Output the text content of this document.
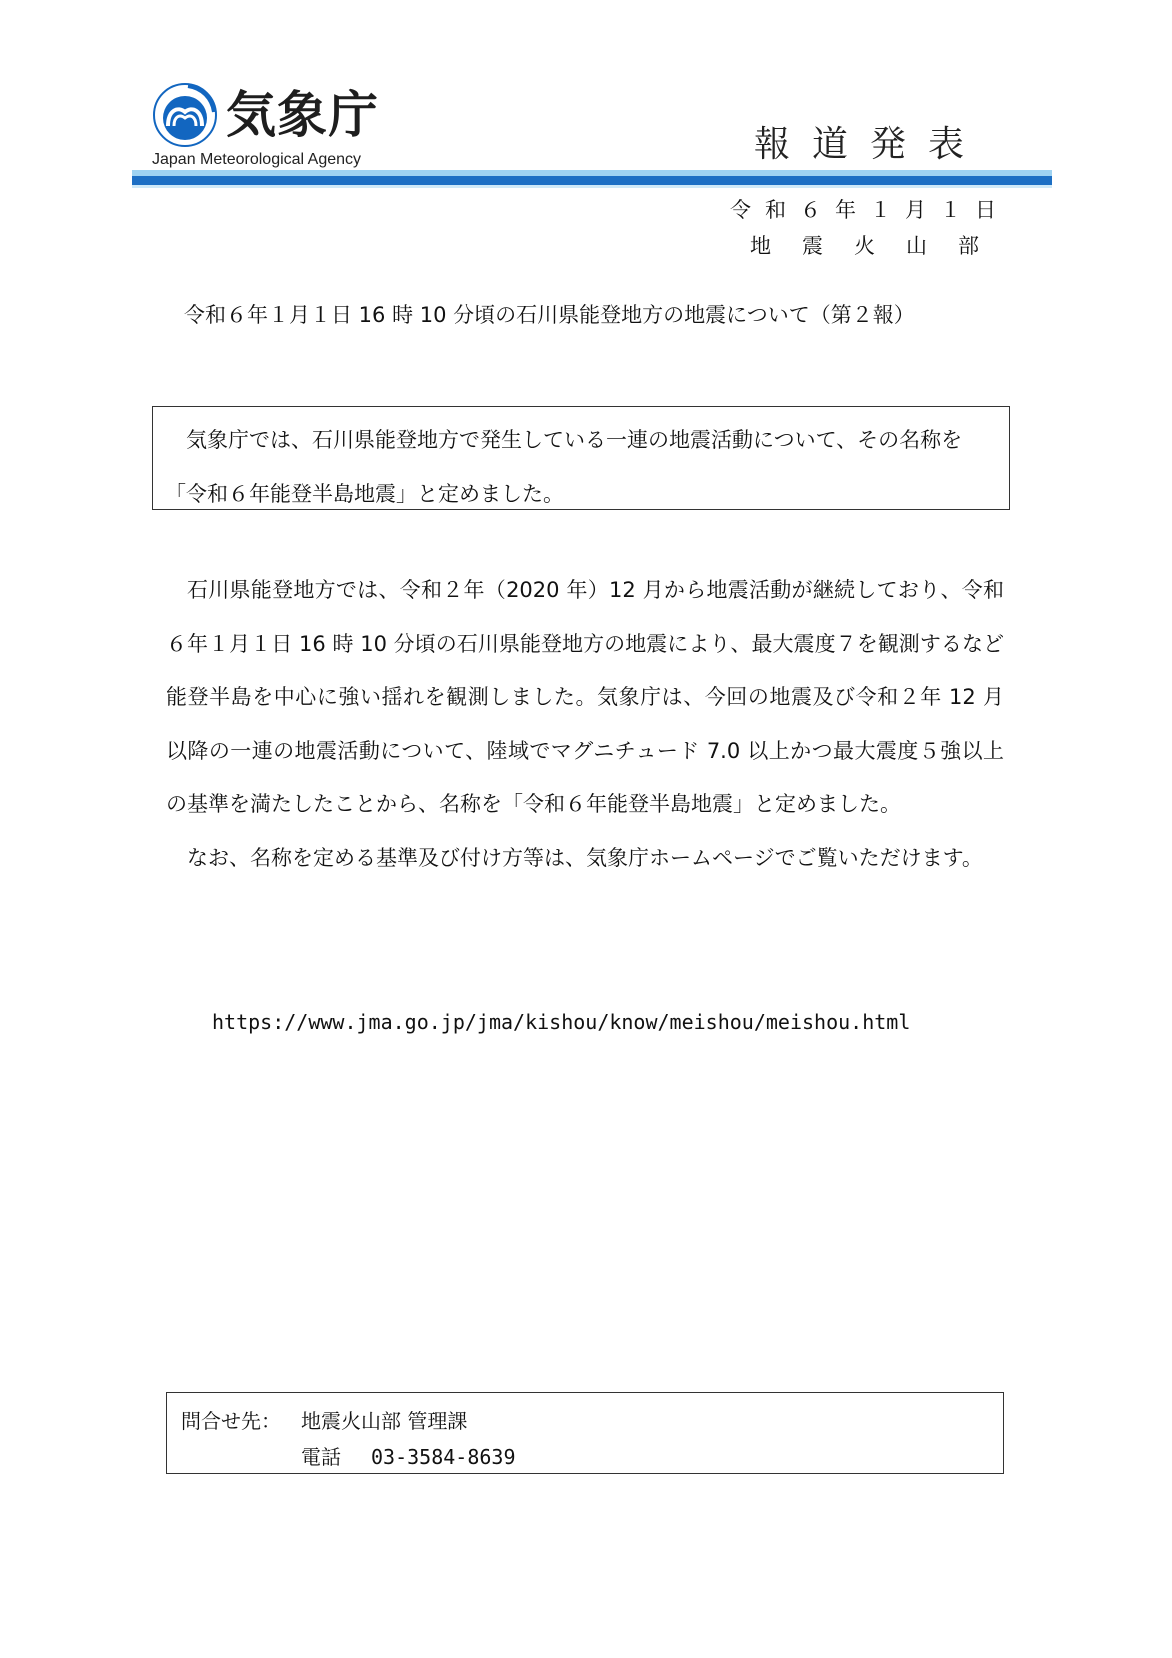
気象庁
Japan Meteorological Agency	報道発表
令和６年１月１日
地震火山部
令和６年１月１日 16 時 10 分頃の石川県能登地方の地震について（第２報）

気象庁では、石川県能登地方で発生している一連の地震活動について、その名称を「令和６年能登半島地震」と定めました。

石川県能登地方では、令和２年（2020 年）12 月から地震活動が継続しており、令和６年１月１日 16 時 10 分頃の石川県能登地方の地震により、最大震度７を観測するなど能登半島を中心に強い揺れを観測しました。気象庁は、今回の地震及び令和２年 12 月以降の一連の地震活動について、陸域でマグニチュード 7.0 以上かつ最大震度５強以上の基準を満たしたことから、名称を「令和６年能登半島地震」と定めました。

なお、名称を定める基準及び付け方等は、気象庁ホームページでご覧いただけます。

https://www.jma.go.jp/jma/kishou/know/meishou/meishou.html
問合せ先： 地震火山部 管理課
電話 03-3584-8639
